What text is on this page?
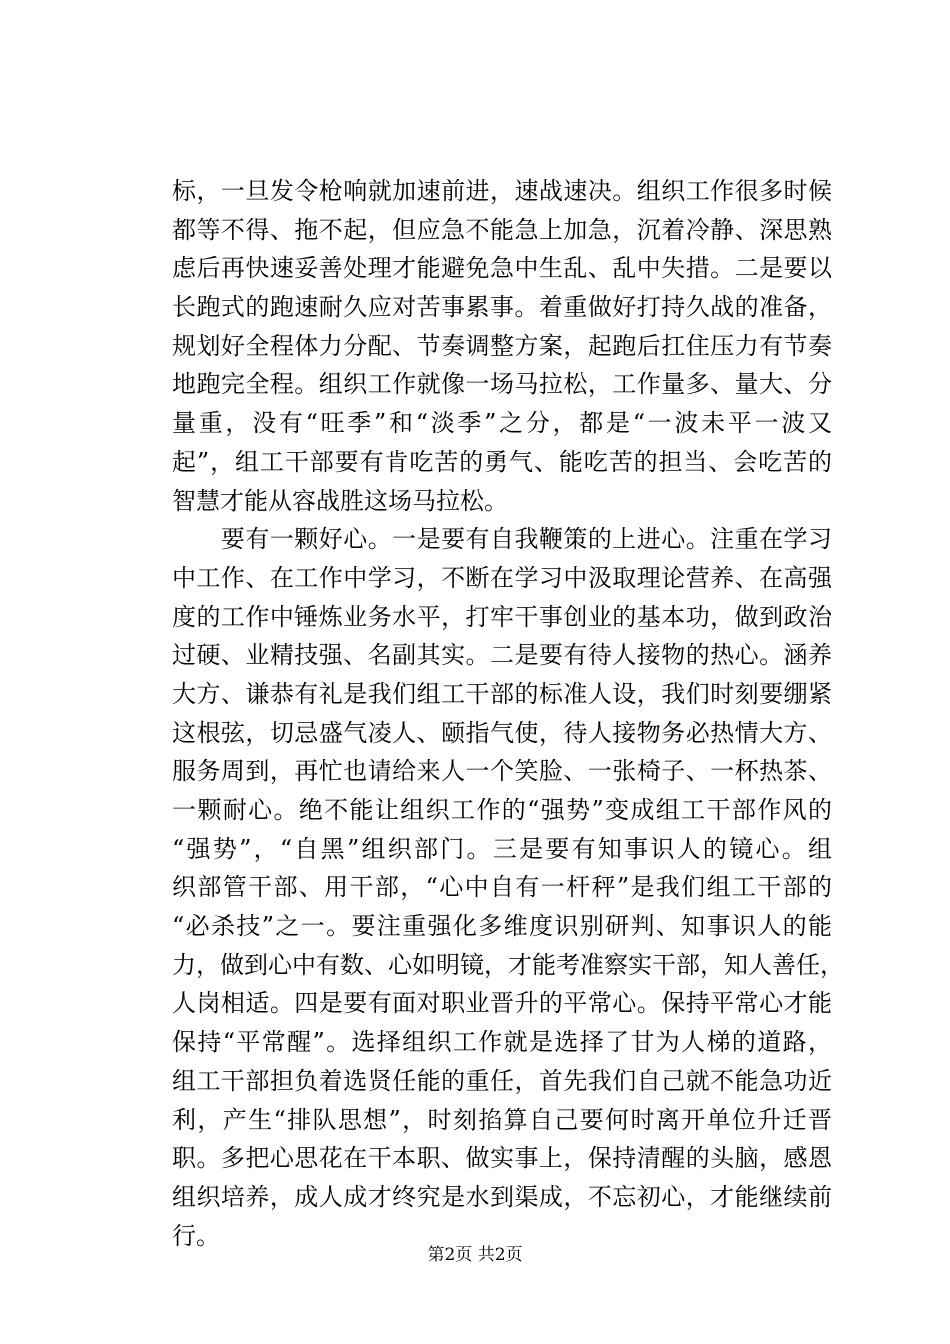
标，一旦发令枪响就加速前进，速战速决。组织工作很多时候
都等不得、拖不起，但应急不能急上加急，沉着冷静、深思熟
虑后再快速妥善处理才能避免急中生乱、乱中失措。二是要以
长跑式的跑速耐久应对苦事累事。着重做好打持久战的准备，
规划好全程体力分配、节奏调整方案，起跑后扛住压力有节奏
地跑完全程。组织工作就像一场马拉松，工作量多、量大、分
量重，没有“旺季”和“淡季”之分，都是“一波未平一波又
起”，组工干部要有肯吃苦的勇气、能吃苦的担当、会吃苦的
智慧才能从容战胜这场马拉松。
　　要有一颗好心。一是要有自我鞭策的上进心。注重在学习
中工作、在工作中学习，不断在学习中汲取理论营养、在高强
度的工作中锤炼业务水平，打牢干事创业的基本功，做到政治
过硬、业精技强、名副其实。二是要有待人接物的热心。涵养
大方、谦恭有礼是我们组工干部的标准人设，我们时刻要绷紧
这根弦，切忌盛气凌人、颐指气使，待人接物务必热情大方、
服务周到，再忙也请给来人一个笑脸、一张椅子、一杯热茶、
一颗耐心。绝不能让组织工作的“强势”变成组工干部作风的
“强势”，“自黑”组织部门。三是要有知事识人的镜心。组
织部管干部、用干部，“心中自有一杆秤”是我们组工干部的
“必杀技”之一。要注重强化多维度识别研判、知事识人的能
力，做到心中有数、心如明镜，才能考准察实干部，知人善任，
人岗相适。四是要有面对职业晋升的平常心。保持平常心才能
保持“平常醒”。选择组织工作就是选择了甘为人梯的道路，
组工干部担负着选贤任能的重任，首先我们自己就不能急功近
利，产生“排队思想”，时刻掐算自己要何时离开单位升迁晋
职。多把心思花在干本职、做实事上，保持清醒的头脑，感恩
组织培养，成人成才终究是水到渠成，不忘初心，才能继续前
行。
第2页 共2页
